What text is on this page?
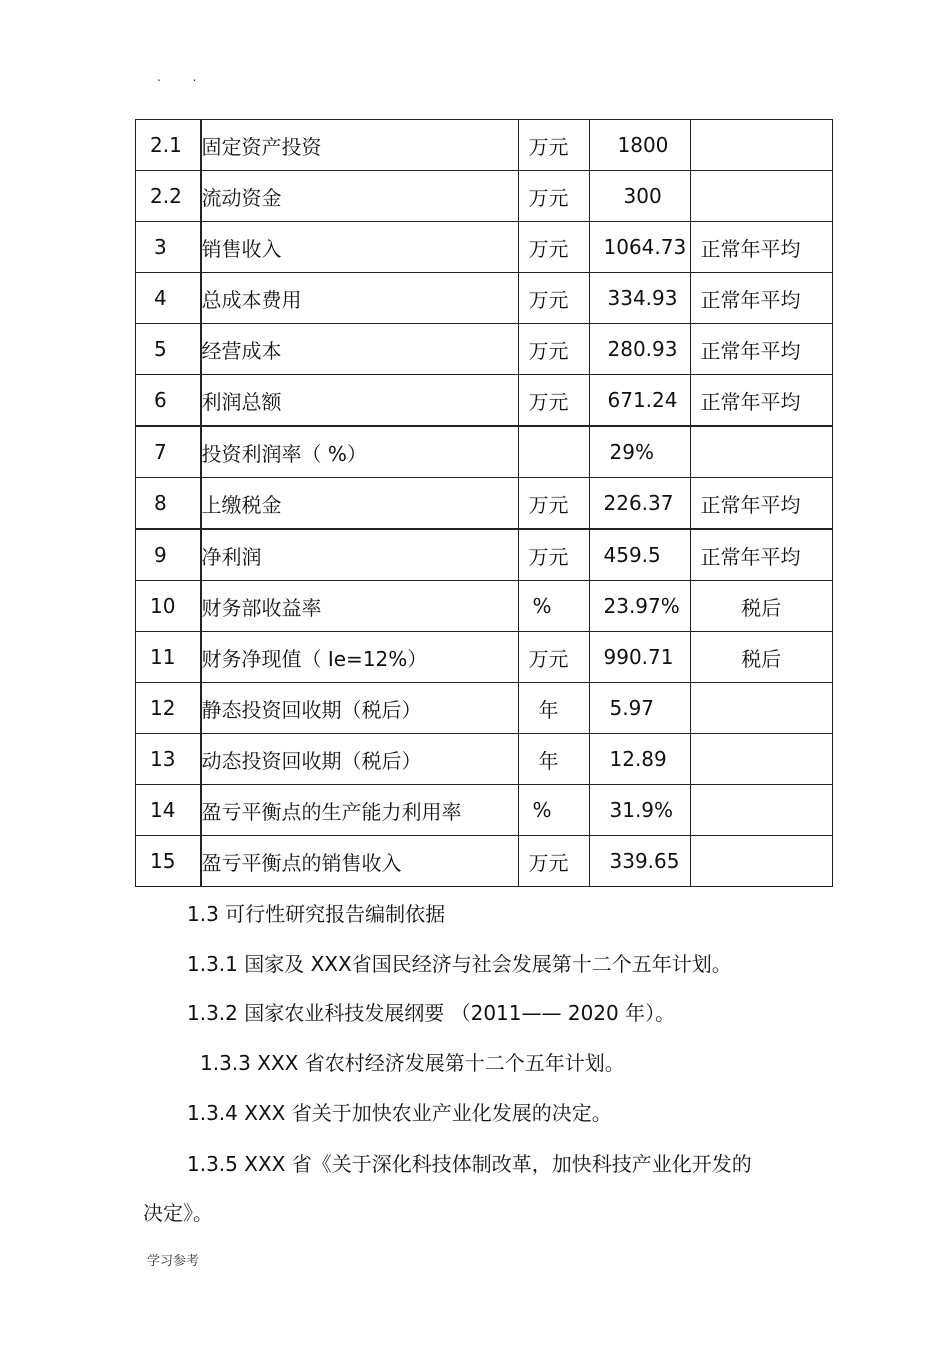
. .
2.1	固定资产投资	万元	1800	
2.2	流动资金	万元	300	
3	销售收入	万元	1064.73	正常年平均
4	总成本费用	万元	334.93	正常年平均
5	经营成本	万元	280.93	正常年平均
6	利润总额	万元	671.24	正常年平均
7	投资利润率（ %）		29%	
8	上缴税金	万元	226.37	正常年平均
9	净利润	万元	459.5	正常年平均
10	财务部收益率	%	23.97%	税后
11	财务净现值（ Ie=12%）	万元	990.71	税后
12	静态投资回收期（税后）	年	5.97	
13	动态投资回收期（税后）	年	12.89	
14	盈亏平衡点的生产能力利用率	%	31.9%	
15	盈亏平衡点的销售收入	万元	339.65	
1.3 可行性研究报告编制依据
1.3.1 国家及 XXX省国民经济与社会发展第十二个五年计划。
1.3.2 国家农业科技发展纲要 （2011—— 2020 年）。
1.3.3 XXX 省农村经济发展第十二个五年计划。
1.3.4 XXX 省关于加快农业产业化发展的决定。
1.3.5 XXX 省《关于深化科技体制改革，加快科技产业化开发的
决定》。
学习参考
